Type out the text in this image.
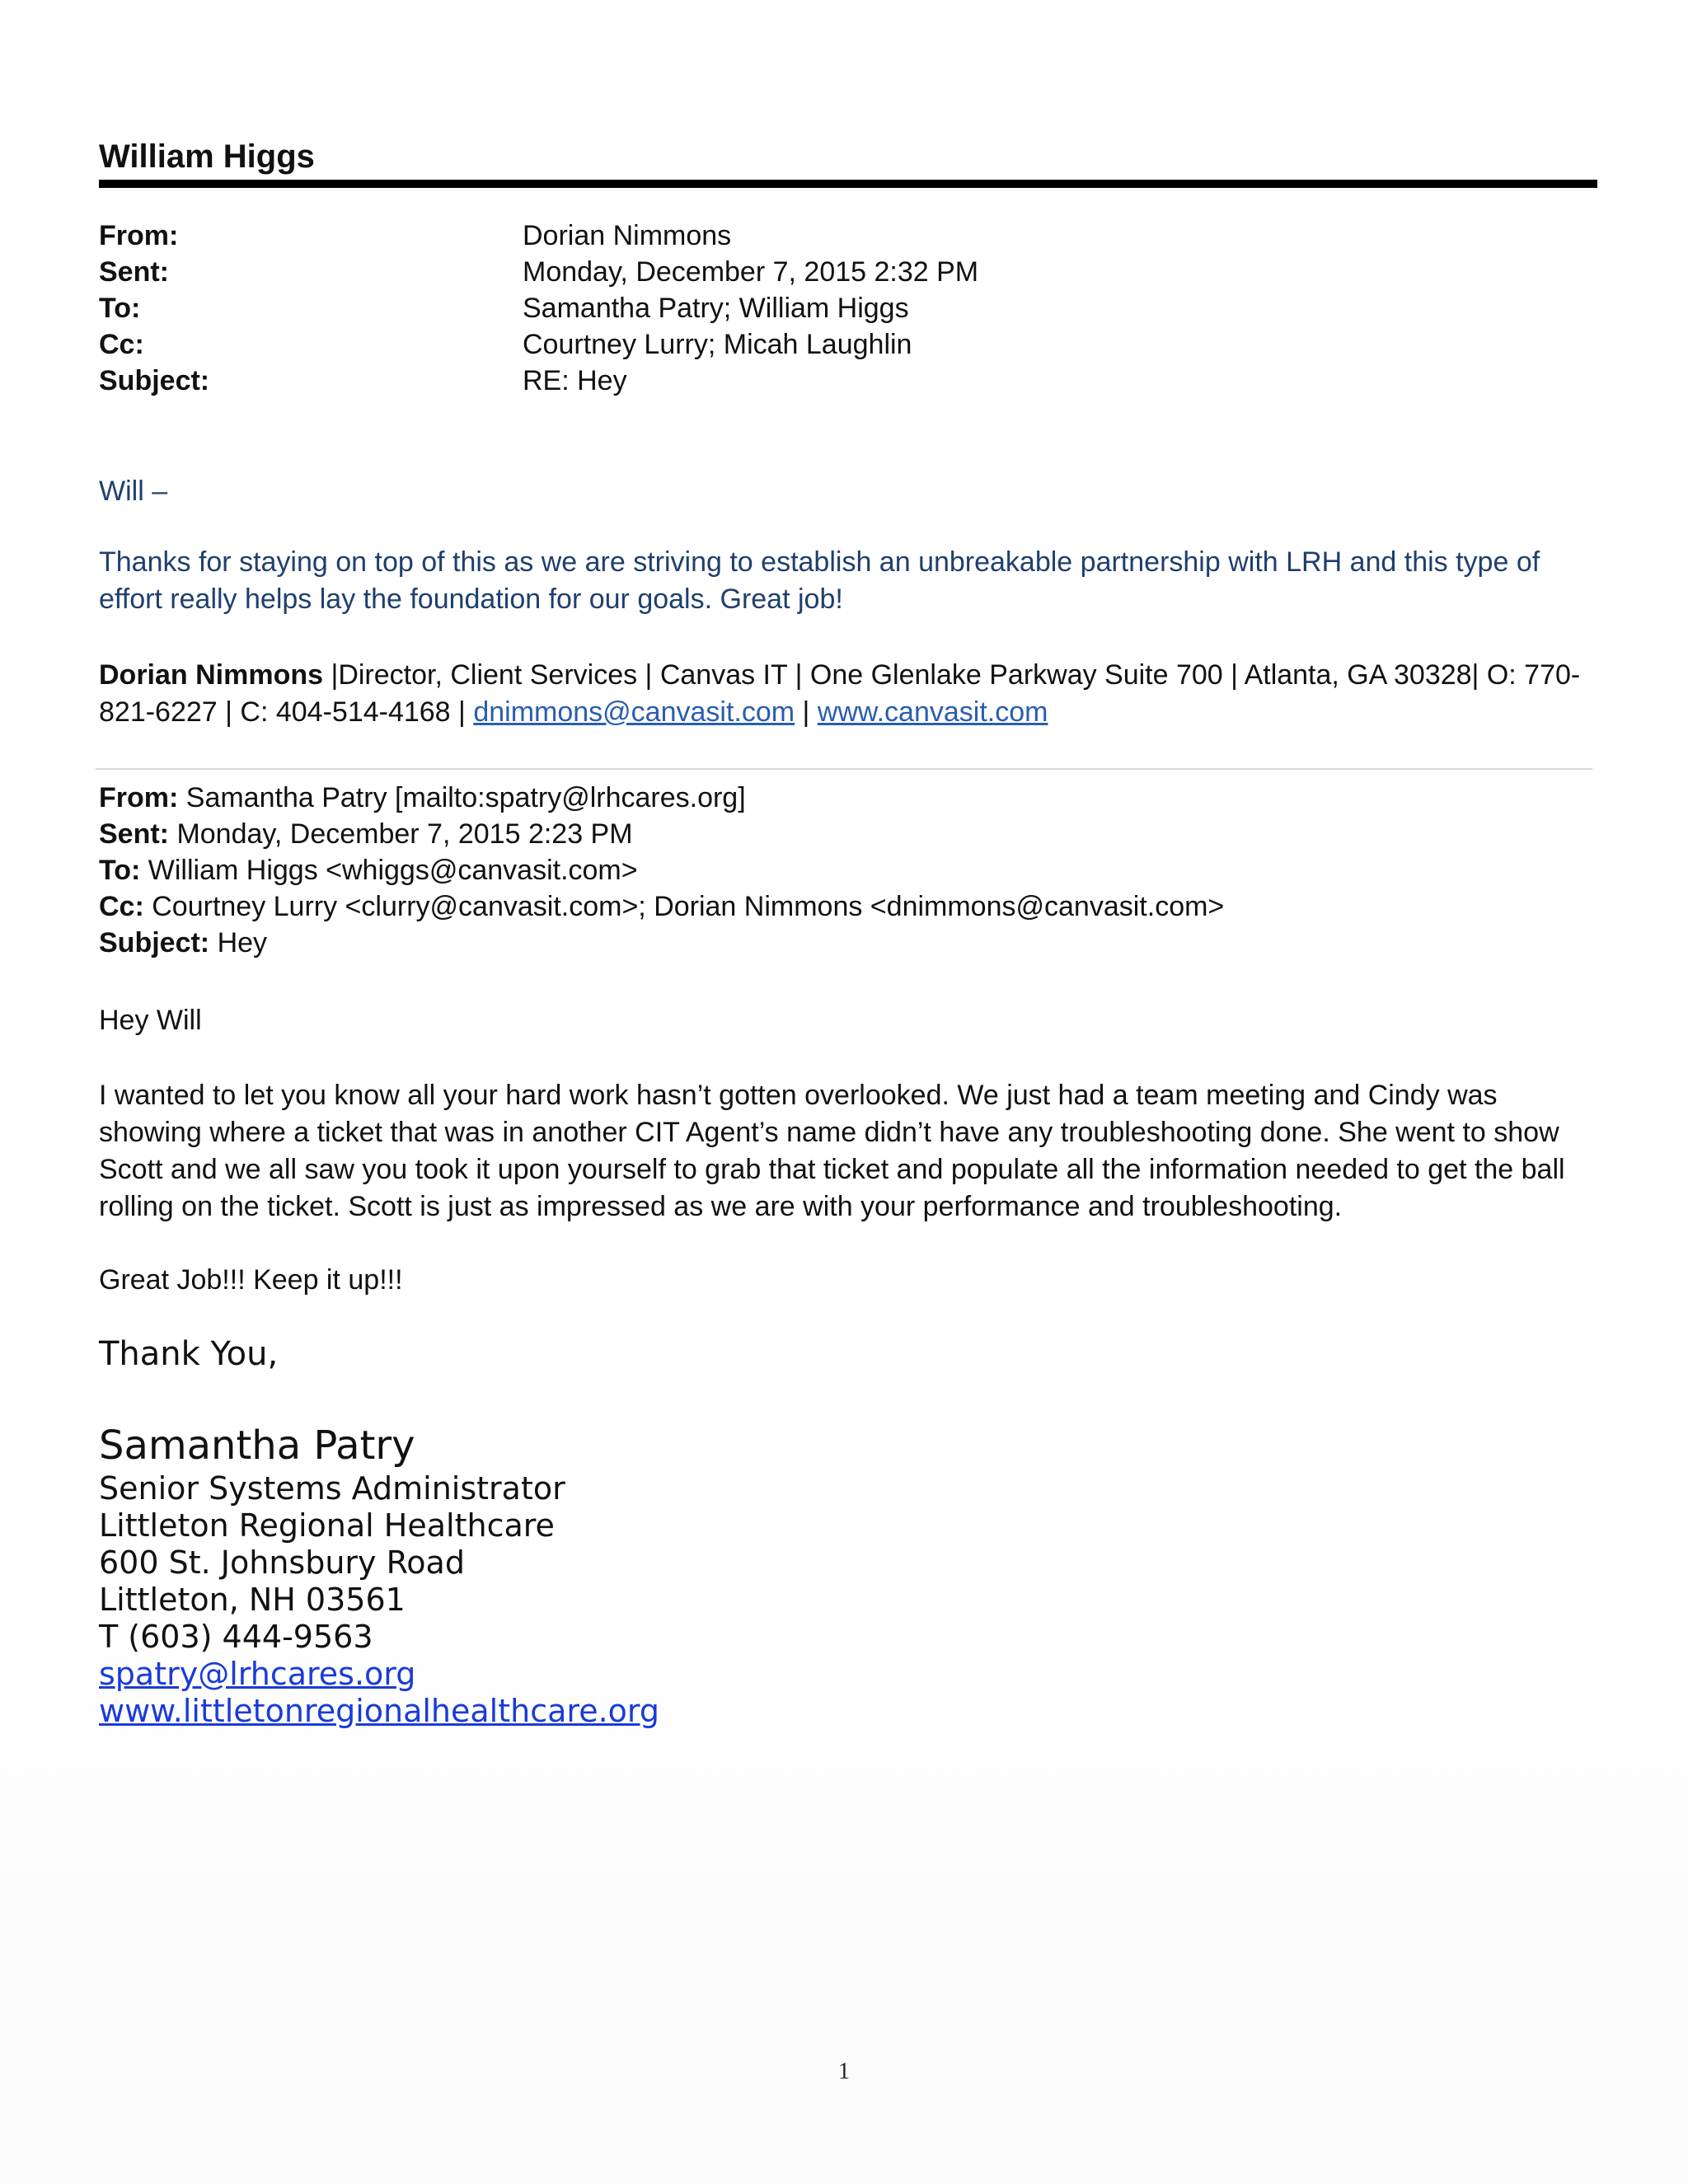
William Higgs
From:	Dorian Nimmons
Sent:	Monday, December 7, 2015 2:32 PM
To:	Samantha Patry; William Higgs
Cc:	Courtney Lurry; Micah Laughlin
Subject:	RE: Hey
Will –
Thanks for staying on top of this as we are striving to establish an unbreakable partnership with LRH and this type of effort really helps lay the foundation for our goals. Great job!
Dorian Nimmons |Director, Client Services | Canvas IT | One Glenlake Parkway Suite 700 | Atlanta, GA 30328| O: 770-821-6227 | C: 404-514-4168 | dnimmons@canvasit.com | www.canvasit.com
From: Samantha Patry [mailto:spatry@lrhcares.org]
Sent: Monday, December 7, 2015 2:23 PM
To: William Higgs <whiggs@canvasit.com>
Cc: Courtney Lurry <clurry@canvasit.com>; Dorian Nimmons <dnimmons@canvasit.com>
Subject: Hey
Hey Will
I wanted to let you know all your hard work hasn’t gotten overlooked. We just had a team meeting and Cindy was showing where a ticket that was in another CIT Agent’s name didn’t have any troubleshooting done. She went to show Scott and we all saw you took it upon yourself to grab that ticket and populate all the information needed to get the ball rolling on the ticket. Scott is just as impressed as we are with your performance and troubleshooting.
Great Job!!! Keep it up!!!
Thank You,
Samantha Patry
Senior Systems Administrator
Littleton Regional Healthcare
600 St. Johnsbury Road
Littleton, NH 03561
T (603) 444-9563
spatry@lrhcares.org
www.littletonregionalhealthcare.org
1
